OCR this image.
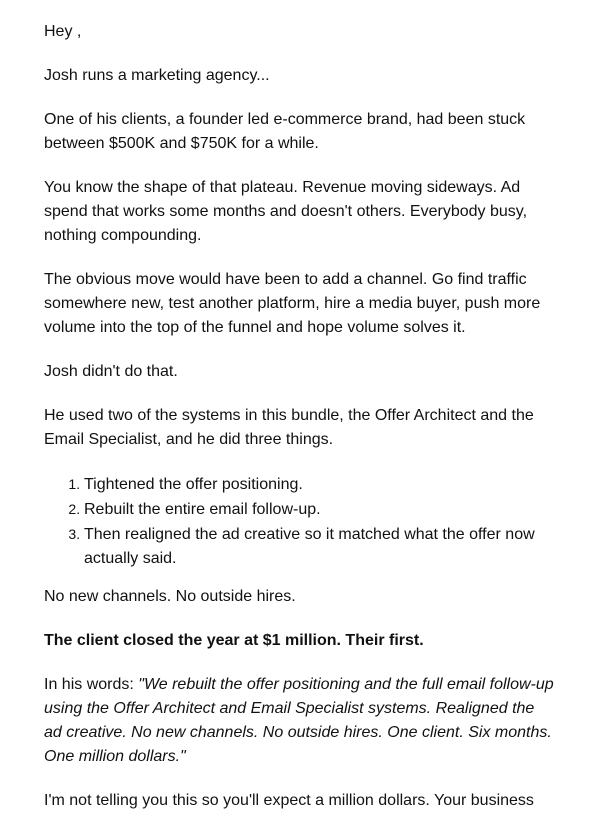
Hey ,

Josh runs a marketing agency...

One of his clients, a founder led e-commerce brand, had been stuck between $500K and $750K for a while.

You know the shape of that plateau. Revenue moving sideways. Ad spend that works some months and doesn't others. Everybody busy, nothing compounding.

The obvious move would have been to add a channel. Go find traffic somewhere new, test another platform, hire a media buyer, push more volume into the top of the funnel and hope volume solves it.

Josh didn't do that.

He used two of the systems in this bundle, the Offer Architect and the Email Specialist, and he did three things.

1. Tightened the offer positioning.
2. Rebuilt the entire email follow-up.
3. Then realigned the ad creative so it matched what the offer now actually said.

No new channels. No outside hires.

The client closed the year at $1 million. Their first.

In his words: "We rebuilt the offer positioning and the full email follow-up using the Offer Architect and Email Specialist systems. Realigned the ad creative. No new channels. No outside hires. One client. Six months. One million dollars."

I'm not telling you this so you'll expect a million dollars. Your business
